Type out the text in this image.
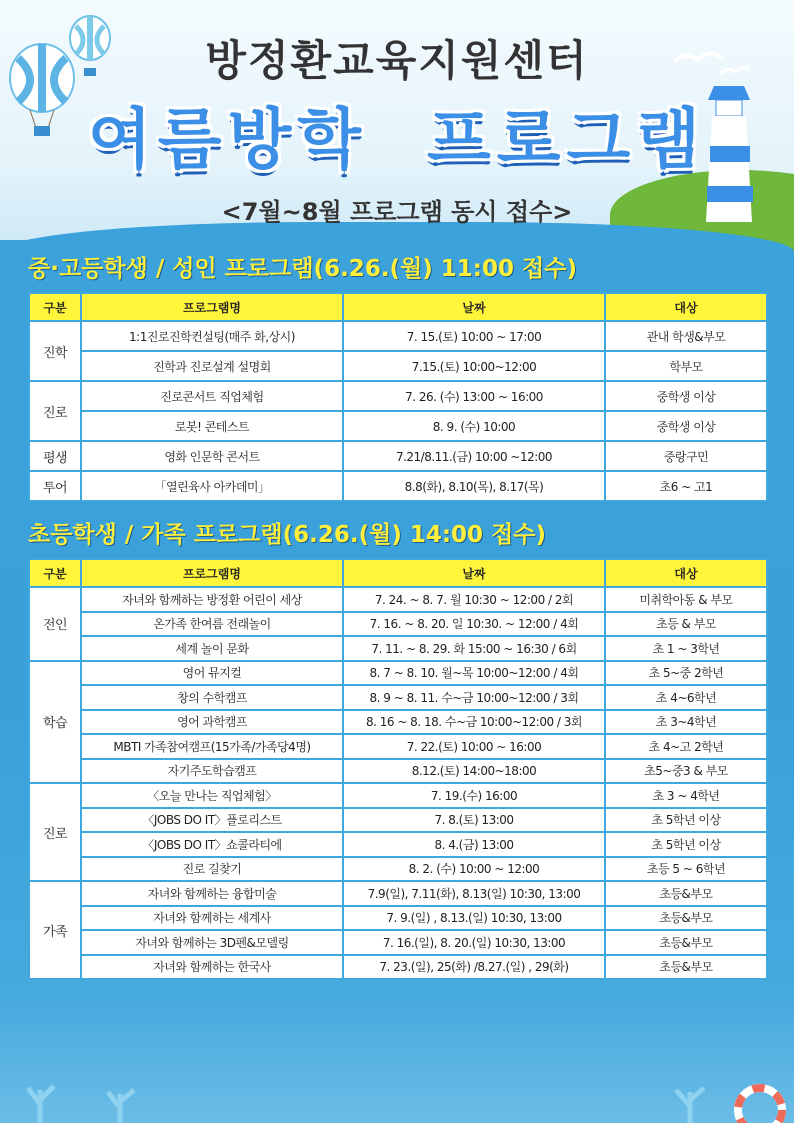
방정환교육지원센터
여름방학 프로그램
<7월~8월 프로그램 동시 접수>
중·고등학생 / 성인 프로그램(6.26.(월) 11:00 접수)
구분	프로그램명	날짜	대상
진학	1:1진로진학컨설팅(매주 화,상시)	7. 15.(토) 10:00 ~ 17:00	관내 학생&부모
	진학과 진로설계 설명회	7.15.(토) 10:00~12:00	학부모
진로	진로콘서트 직업체험	7. 26. (수) 13:00 ~ 16:00	중학생 이상
	로봇! 콘테스트	8. 9. (수) 10:00	중학생 이상
평생	영화 인문학 콘서트	7.21/8.11.(금) 10:00 ~12:00	중랑구민
투어	「열린육사 아카데미」	8.8(화), 8.10(목), 8.17(목)	초6 ~ 고1
초등학생 / 가족 프로그램(6.26.(월) 14:00 접수)
구분	프로그램명	날짜	대상
전인	자녀와 함께하는 방정환 어린이 세상	7. 24. ~ 8. 7. 월 10:30 ~ 12:00 / 2회	미취학아동 & 부모
	온가족 한여름 전래놀이	7. 16. ~ 8. 20. 일 10:30. ~ 12:00 / 4회	초등 & 부모
	세계 놀이 문화	7. 11. ~ 8. 29. 화 15:00 ~ 16:30 / 6회	초 1 ~ 3학년
학습	영어 뮤지컬	8. 7 ~ 8. 10. 월~목 10:00~12:00 / 4회	초 5~중 2학년
	창의 수학캠프	8. 9 ~ 8. 11. 수~금 10:00~12:00 / 3회	초 4~6학년
	영어 과학캠프	8. 16 ~ 8. 18. 수~금 10:00~12:00 / 3회	초 3~4학년
	MBTI 가족참여캠프(15가족/가족당4명)	7. 22.(토) 10:00 ~ 16:00	초 4~고 2학년
	자기주도학습캠프	8.12.(토) 14:00~18:00	초5~중3 & 부모
진로	〈오늘 만나는 직업체험〉	7. 19.(수) 16:00	초 3 ~ 4학년
	〈JOBS DO IT〉플로리스트	7. 8.(토) 13:00	초 5학년 이상
	〈JOBS DO IT〉쇼콜라티에	8. 4.(금) 13:00	초 5학년 이상
	진로 길찾기	8. 2. (수) 10:00 ~ 12:00	초등 5 ~ 6학년
가족	자녀와 함께하는 융합미술	7.9(일), 7.11(화), 8.13(일) 10:30, 13:00	초등&부모
	자녀와 함께하는 세계사	7. 9.(일) , 8.13.(일) 10:30, 13:00	초등&부모
	자녀와 함께하는 3D펜&모델링	7. 16.(일), 8. 20.(일) 10:30, 13:00	초등&부모
	자녀와 함께하는 한국사	7. 23.(일), 25(화) /8.27.(일) , 29(화)	초등&부모
